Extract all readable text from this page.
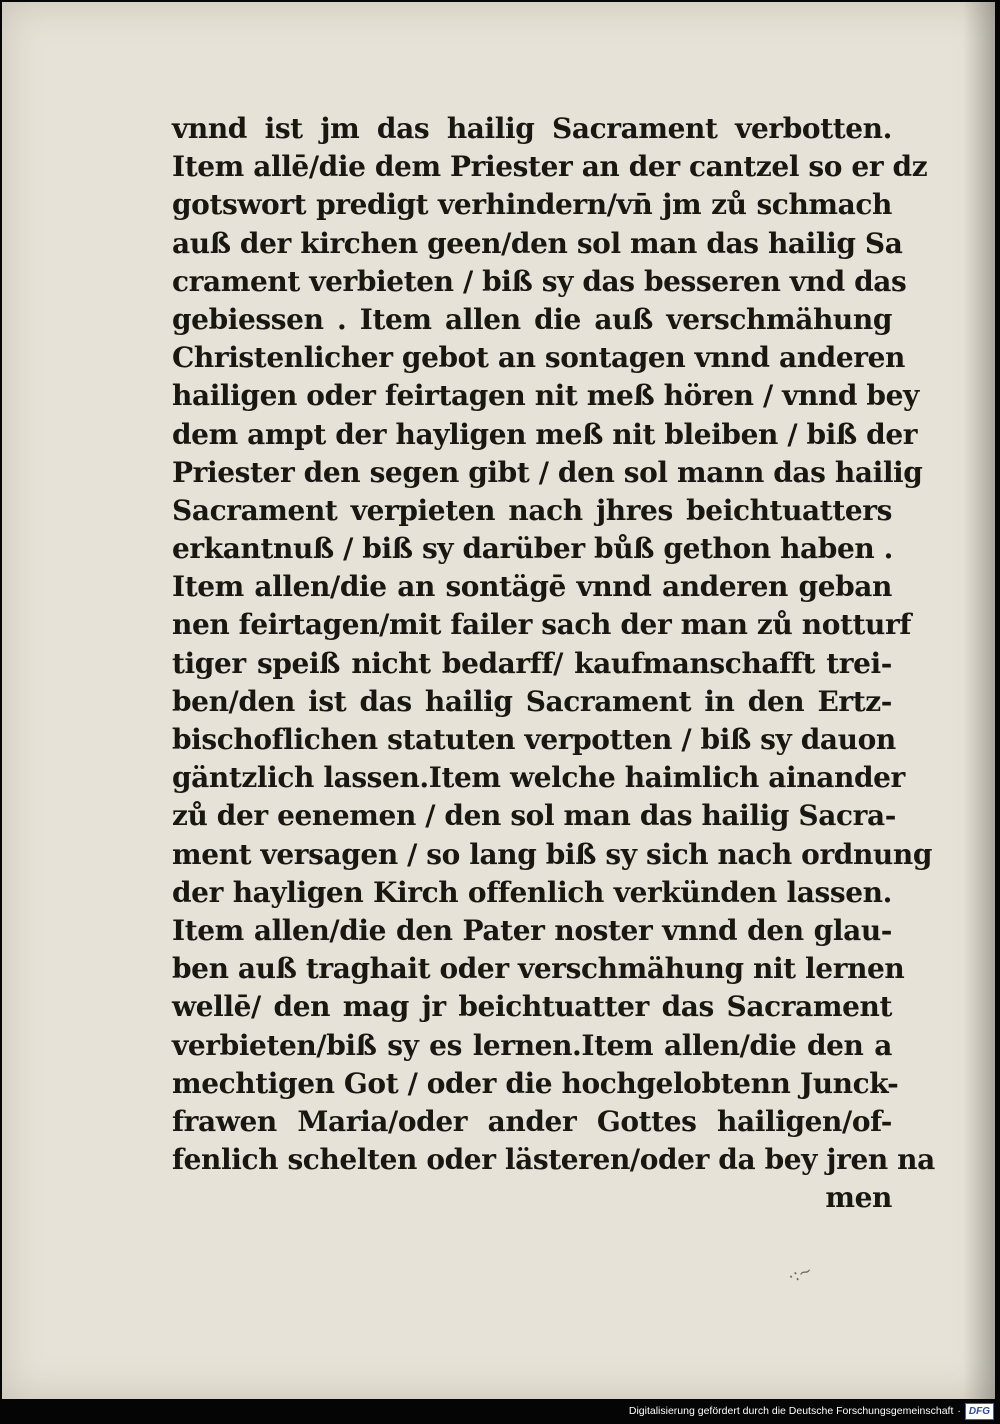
vnnd ist jm das hailig Sacrament verbotten.
Item allē/die dem Priester an der cantzel so er dz
gotswort predigt verhindern/vn̄ jm zů schmach
auß der kirchen geen/den sol man das hailig Sa
crament verbieten / biß sy das besseren vnd das
gebiessen . Item allen die auß verschmähung
Christenlicher gebot an sontagen vnnd anderen
hailigen oder feirtagen nit meß hören / vnnd bey
dem ampt der hayligen meß nit bleiben / biß der
Priester den segen gibt / den sol mann das hailig
Sacrament verpieten nach jhres beichtuatters
erkantnuß / biß sy darüber bůß gethon haben .
Item allen/die an sontägē vnnd anderen geban
nen feirtagen/mit failer sach der man zů notturf
tiger speiß nicht bedarff/ kaufmanschafft trei-
ben/den ist das hailig Sacrament in den Ertz-
bischoflichen statuten verpotten / biß sy dauon
gäntzlich lassen.Item welche haimlich ainander
zů der eenemen / den sol man das hailig Sacra-
ment versagen / so lang biß sy sich nach ordnung
der hayligen Kirch offenlich verkünden lassen.
Item allen/die den Pater noster vnnd den glau-
ben auß traghait oder verschmähung nit lernen
wellē/ den mag jr beichtuatter das Sacrament
verbieten/biß sy es lernen.Item allen/die den a
mechtigen Got / oder die hochgelobtenn Junck-
frawen Maria/oder ander Gottes hailigen/of-
fenlich schelten oder lästeren/oder da bey jren na
men
·:~
Digitalisierung gefördert durch die Deutsche Forschungsgemeinschaft · DFG
